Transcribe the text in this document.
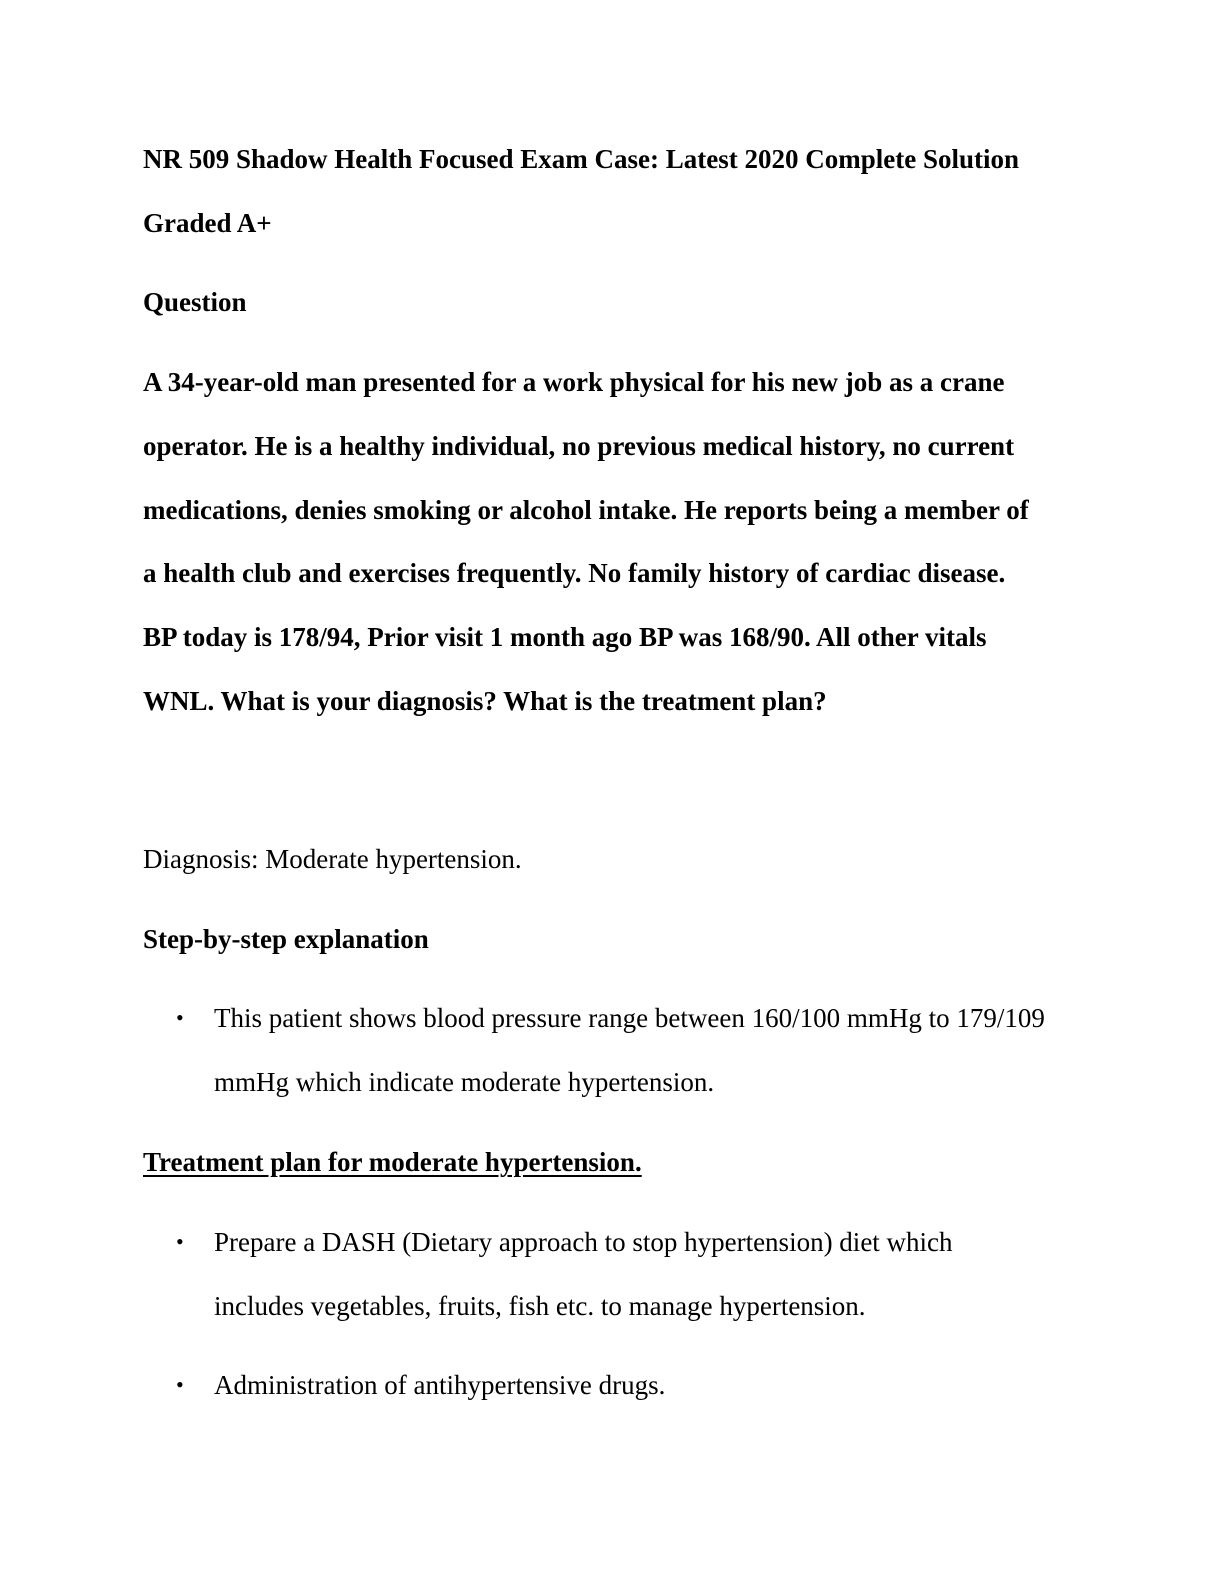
NR 509 Shadow Health Focused Exam Case: Latest 2020 Complete Solution
Graded A+
Question
A 34-year-old man presented for a work physical for his new job as a crane
operator. He is a healthy individual, no previous medical history, no current
medications, denies smoking or alcohol intake. He reports being a member of
a health club and exercises frequently. No family history of cardiac disease.
BP today is 178/94, Prior visit 1 month ago BP was 168/90. All other vitals
WNL. What is your diagnosis? What is the treatment plan?
Diagnosis: Moderate hypertension.
Step-by-step explanation
• This patient shows blood pressure range between 160/100 mmHg to 179/109
mmHg which indicate moderate hypertension.
Treatment plan for moderate hypertension.
• Prepare a DASH (Dietary approach to stop hypertension) diet which
includes vegetables, fruits, fish etc. to manage hypertension.
• Administration of antihypertensive drugs.
